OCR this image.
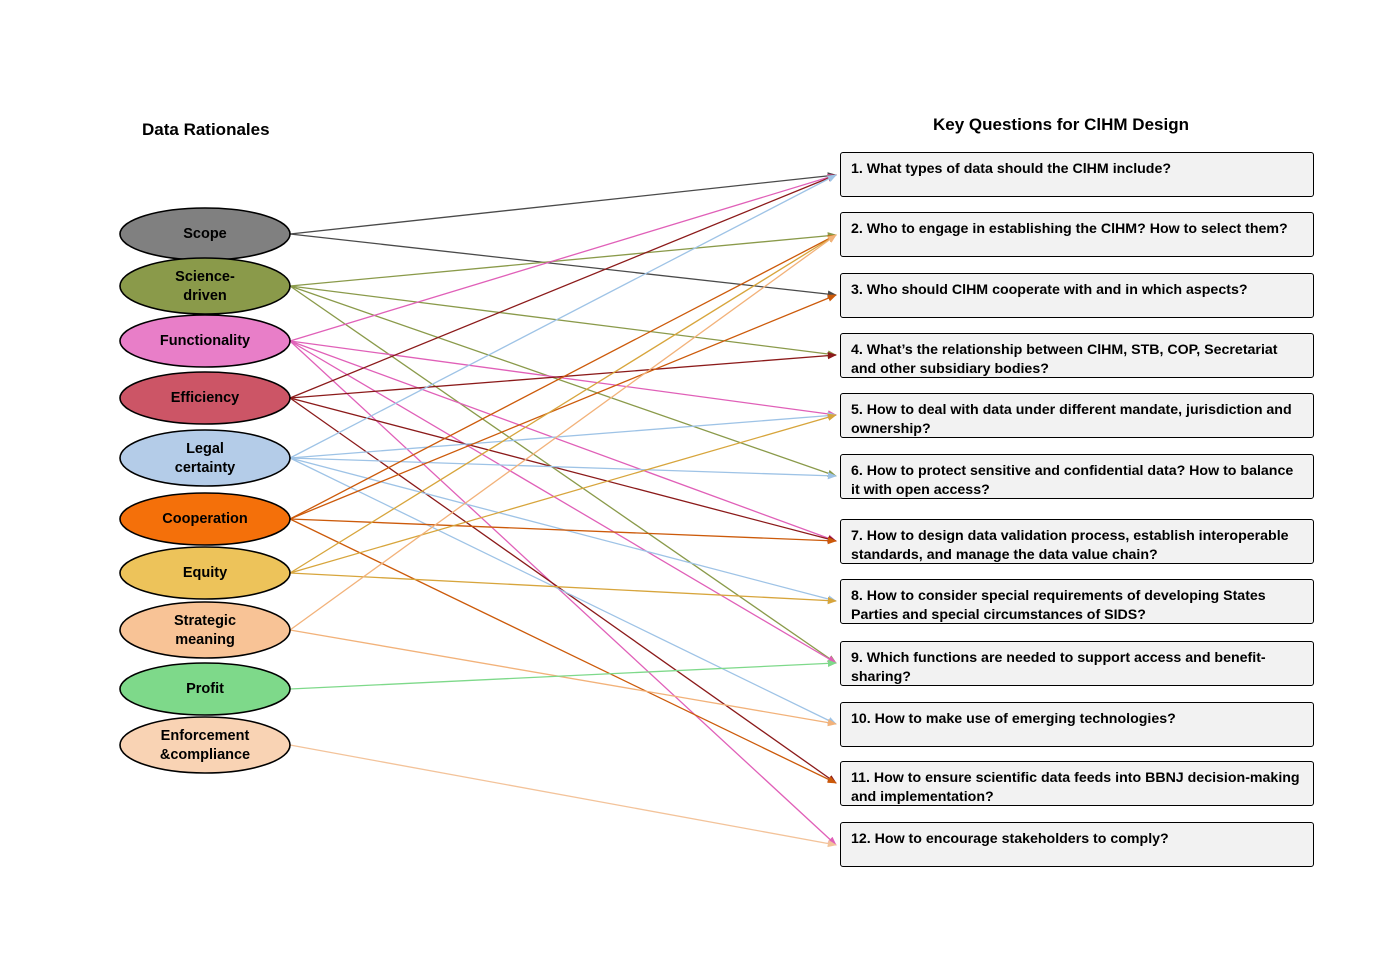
Data Rationales	Key Questions for ClHM Design
Scope
Science-driven
Functionality
Efficiency
Legal certainty
Cooperation
Equity
Strategic meaning
Profit
Enforcement &compliance
1. What types of data should the ClHM include?
2. Who to engage in establishing the ClHM? How to select them?
3. Who should ClHM cooperate with and in which aspects?
4. What’s the relationship between ClHM, STB, COP, Secretariat and other subsidiary bodies?
5. How to deal with data under different mandate, jurisdiction and ownership?
6. How to protect sensitive and confidential data? How to balance it with open access?
7. How to design data validation process, establish interoperable standards, and manage the data value chain?
8. How to consider special requirements of developing States Parties and special circumstances of SIDS?
9. Which functions are needed to support access and benefit-sharing?
10. How to make use of emerging technologies?
11. How to ensure scientific data feeds into BBNJ decision-making and implementation?
12. How to encourage stakeholders to comply?
